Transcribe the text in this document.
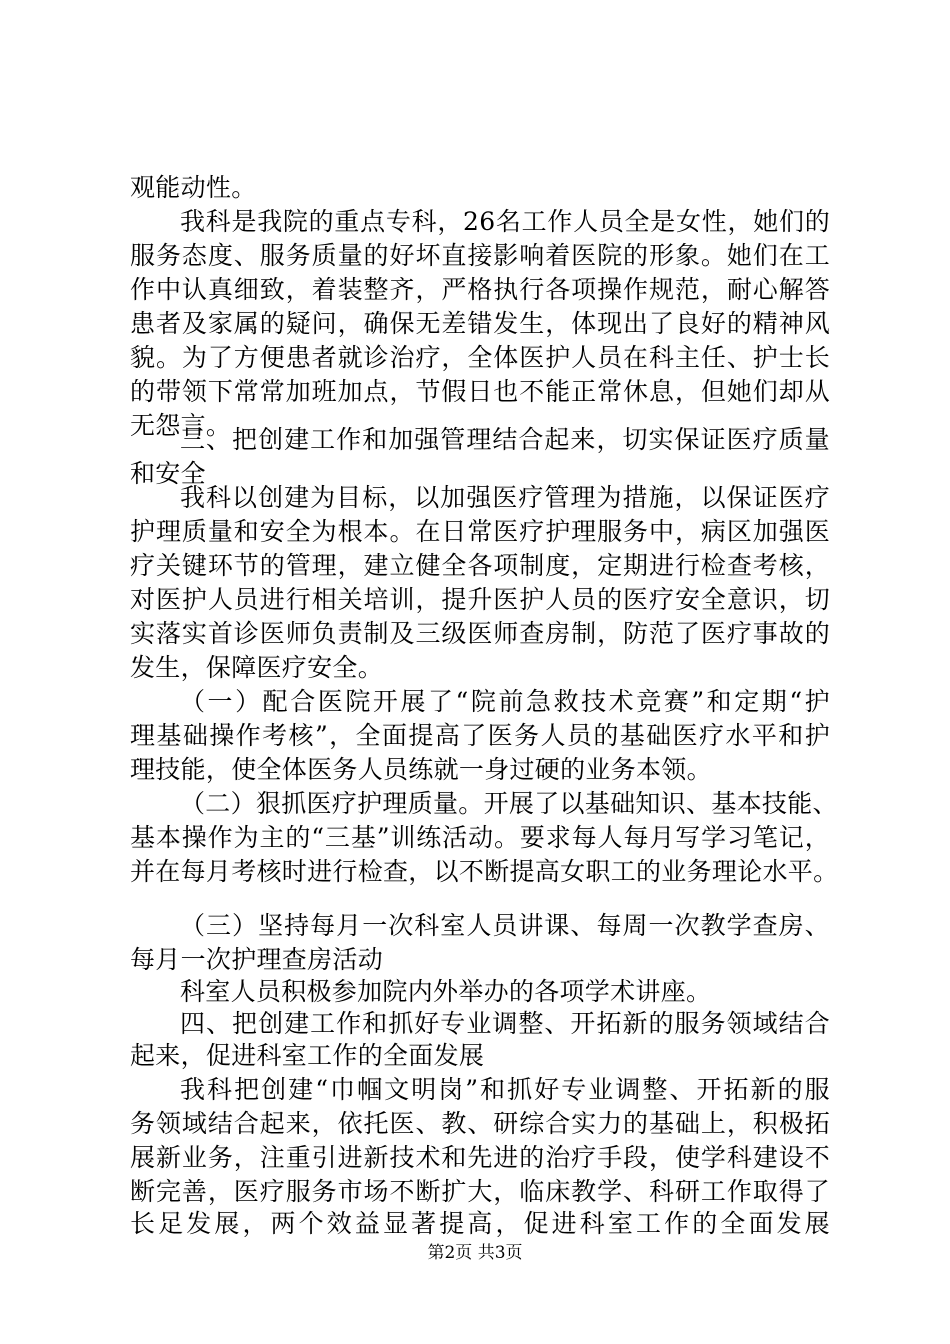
观能动性。
我科是我院的重点专科，26名工作人员全是女性，她们的
服务态度、服务质量的好坏直接影响着医院的形象。她们在工
作中认真细致，着装整齐，严格执行各项操作规范，耐心解答
患者及家属的疑问，确保无差错发生，体现出了良好的精神风
貌。为了方便患者就诊治疗，全体医护人员在科主任、护士长
的带领下常常加班加点，节假日也不能正常休息，但她们却从
无怨言。
三、把创建工作和加强管理结合起来，切实保证医疗质量
和安全
我科以创建为目标，以加强医疗管理为措施，以保证医疗
护理质量和安全为根本。在日常医疗护理服务中，病区加强医
疗关键环节的管理，建立健全各项制度，定期进行检查考核，
对医护人员进行相关培训，提升医护人员的医疗安全意识，切
实落实首诊医师负责制及三级医师查房制，防范了医疗事故的
发生，保障医疗安全。
（一）配合医院开展了“院前急救技术竞赛”和定期“护
理基础操作考核”，全面提高了医务人员的基础医疗水平和护
理技能，使全体医务人员练就一身过硬的业务本领。
（二）狠抓医疗护理质量。开展了以基础知识、基本技能、
基本操作为主的“三基”训练活动。要求每人每月写学习笔记，
并在每月考核时进行检查，以不断提高女职工的业务理论水平。
（三）坚持每月一次科室人员讲课、每周一次教学查房、
每月一次护理查房活动
科室人员积极参加院内外举办的各项学术讲座。
四、把创建工作和抓好专业调整、开拓新的服务领域结合
起来，促进科室工作的全面发展
我科把创建“巾帼文明岗”和抓好专业调整、开拓新的服
务领域结合起来，依托医、教、研综合实力的基础上，积极拓
展新业务，注重引进新技术和先进的治疗手段，使学科建设不
断完善，医疗服务市场不断扩大，临床教学、科研工作取得了
长足发展，两个效益显著提高，促进科室工作的全面发展
第2页 共3页
